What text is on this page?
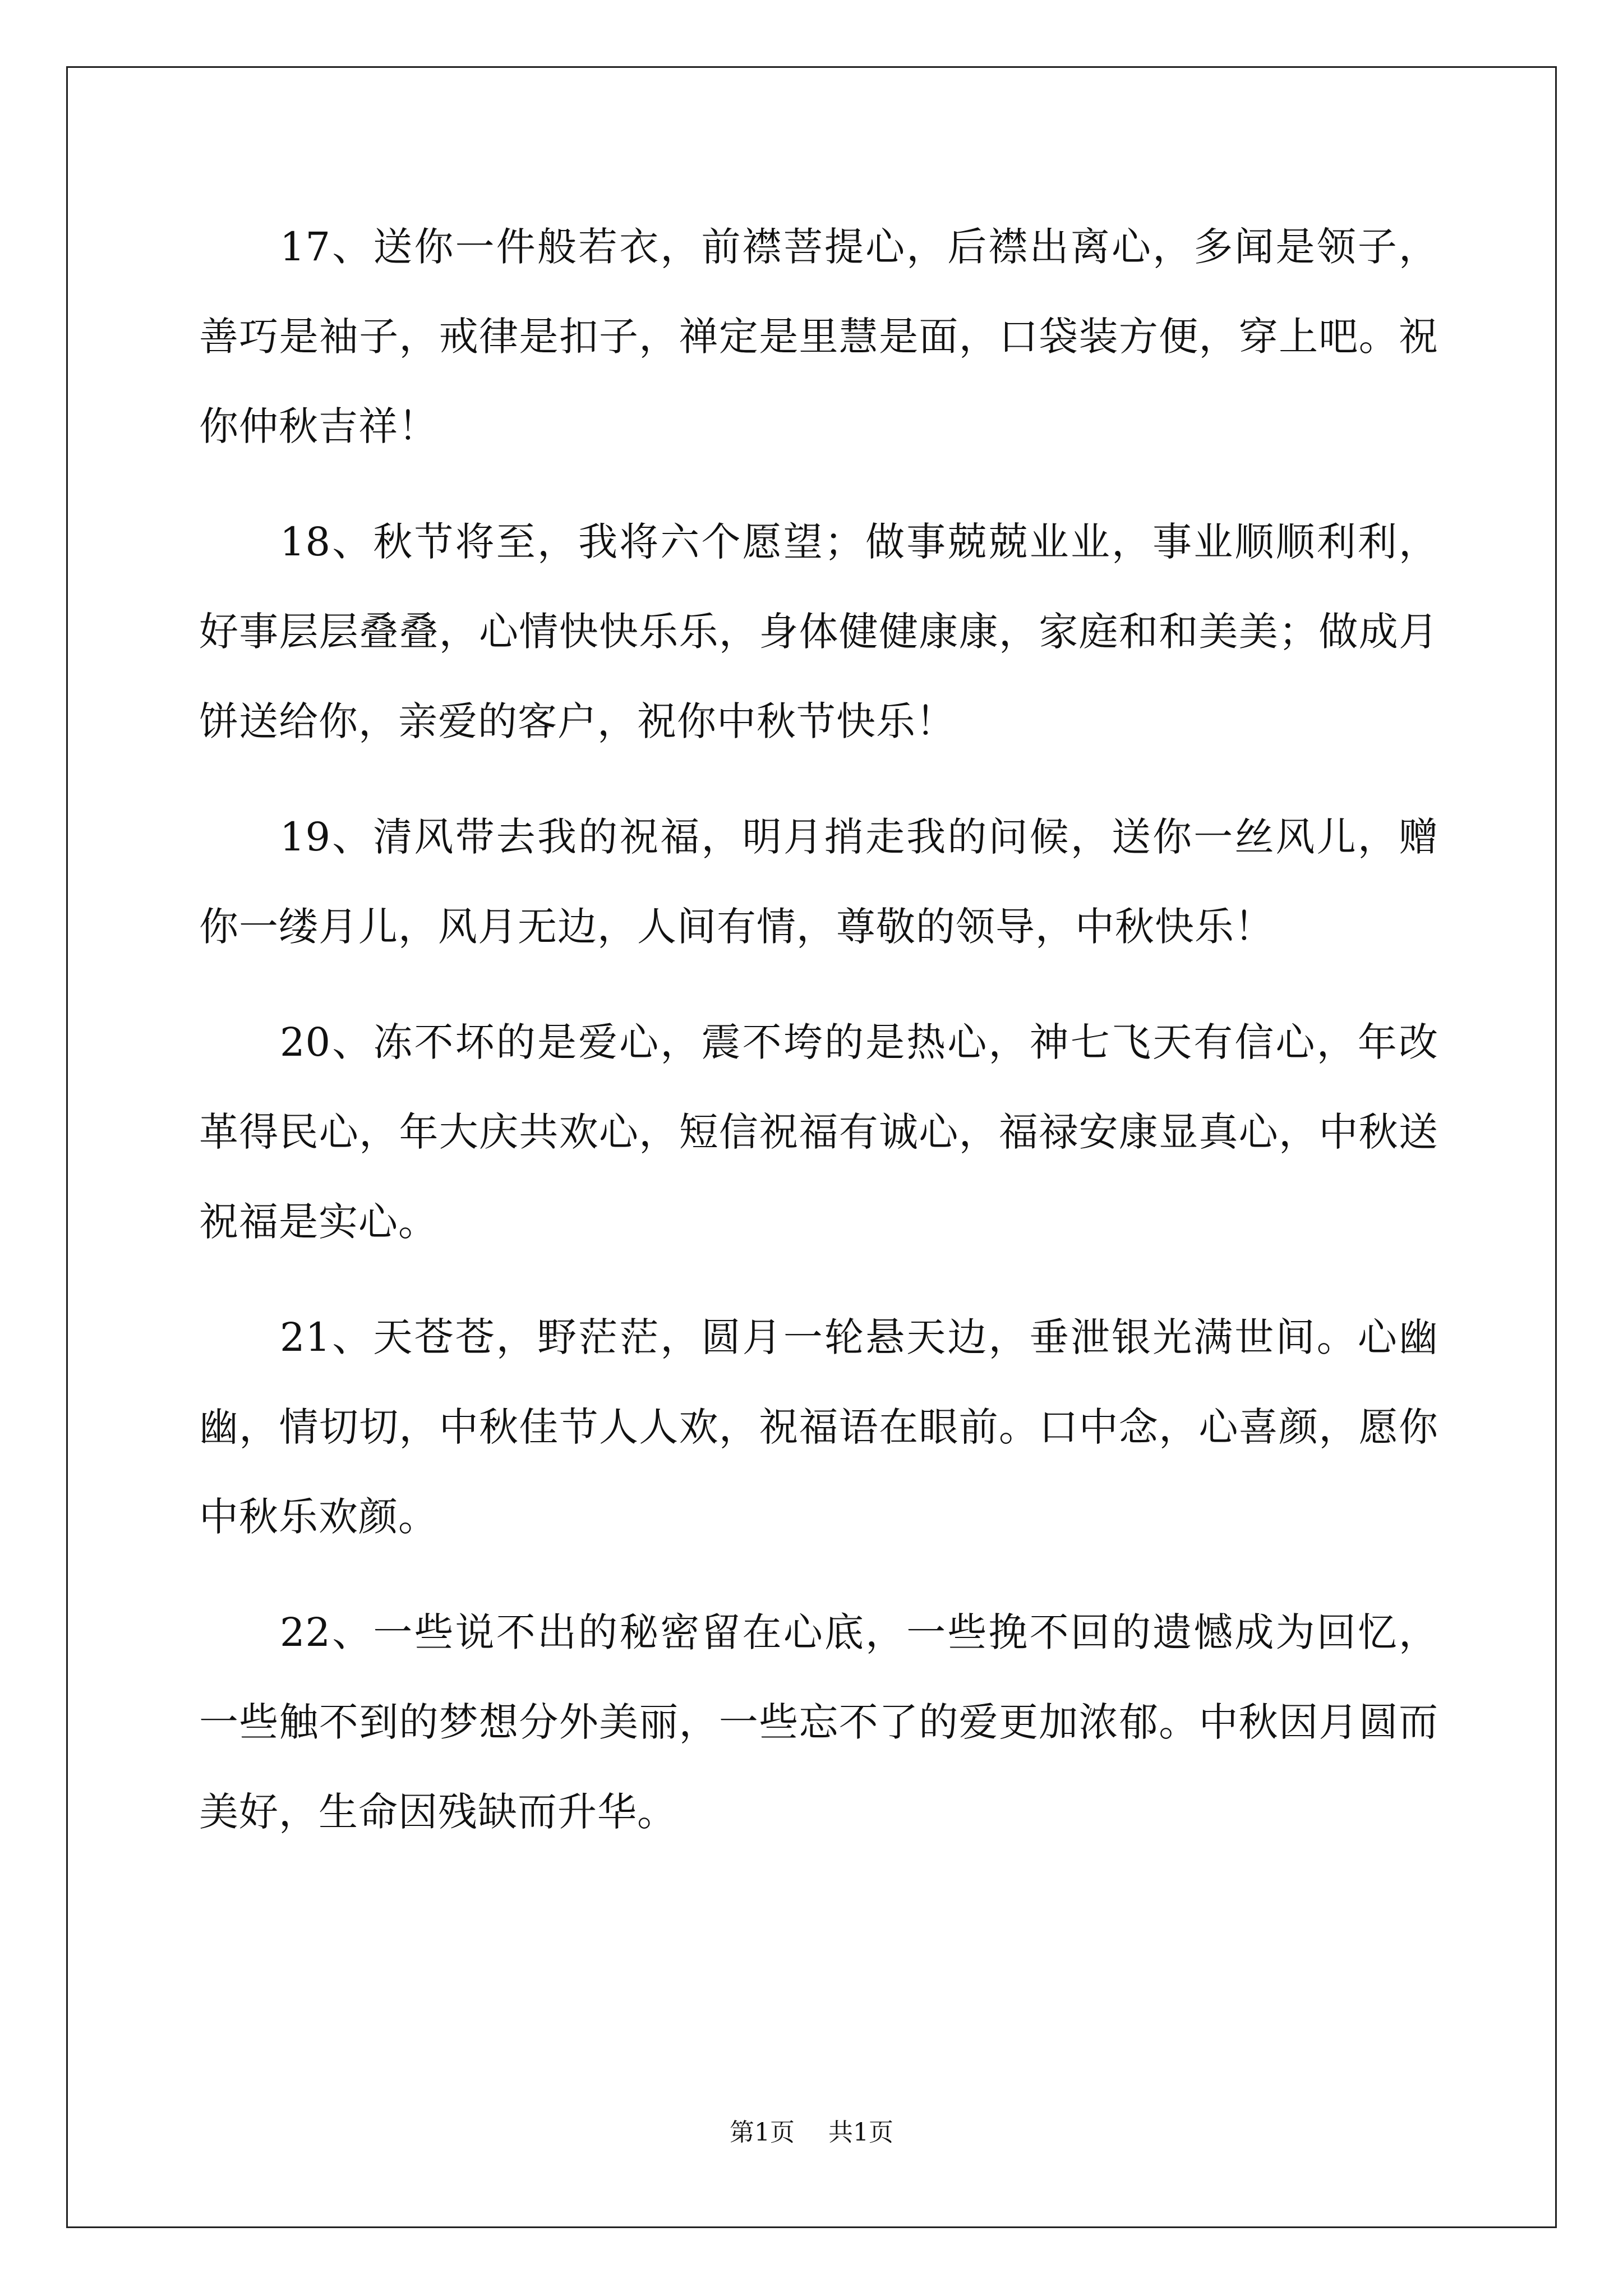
17、送你一件般若衣，前襟菩提心，后襟出离心，多闻是领子，善巧是袖子，戒律是扣子，禅定是里慧是面，口袋装方便，穿上吧。祝你仲秋吉祥！

18、秋节将至，我将六个愿望；做事兢兢业业，事业顺顺利利，好事层层叠叠，心情快快乐乐，身体健健康康，家庭和和美美；做成月饼送给你，亲爱的客户，祝你中秋节快乐！

19、清风带去我的祝福，明月捎走我的问候，送你一丝风儿，赠你一缕月儿，风月无边，人间有情，尊敬的领导，中秋快乐！

20、冻不坏的是爱心，震不垮的是热心，神七飞天有信心，年改革得民心，年大庆共欢心，短信祝福有诚心，福禄安康显真心，中秋送祝福是实心。

21、天苍苍，野茫茫，圆月一轮悬天边，垂泄银光满世间。心幽幽，情切切，中秋佳节人人欢，祝福语在眼前。口中念，心喜颜，愿你中秋乐欢颜。

22、一些说不出的秘密留在心底，一些挽不回的遗憾成为回忆，一些触不到的梦想分外美丽，一些忘不了的爱更加浓郁。中秋因月圆而美好，生命因残缺而升华。

第1页 共1页
